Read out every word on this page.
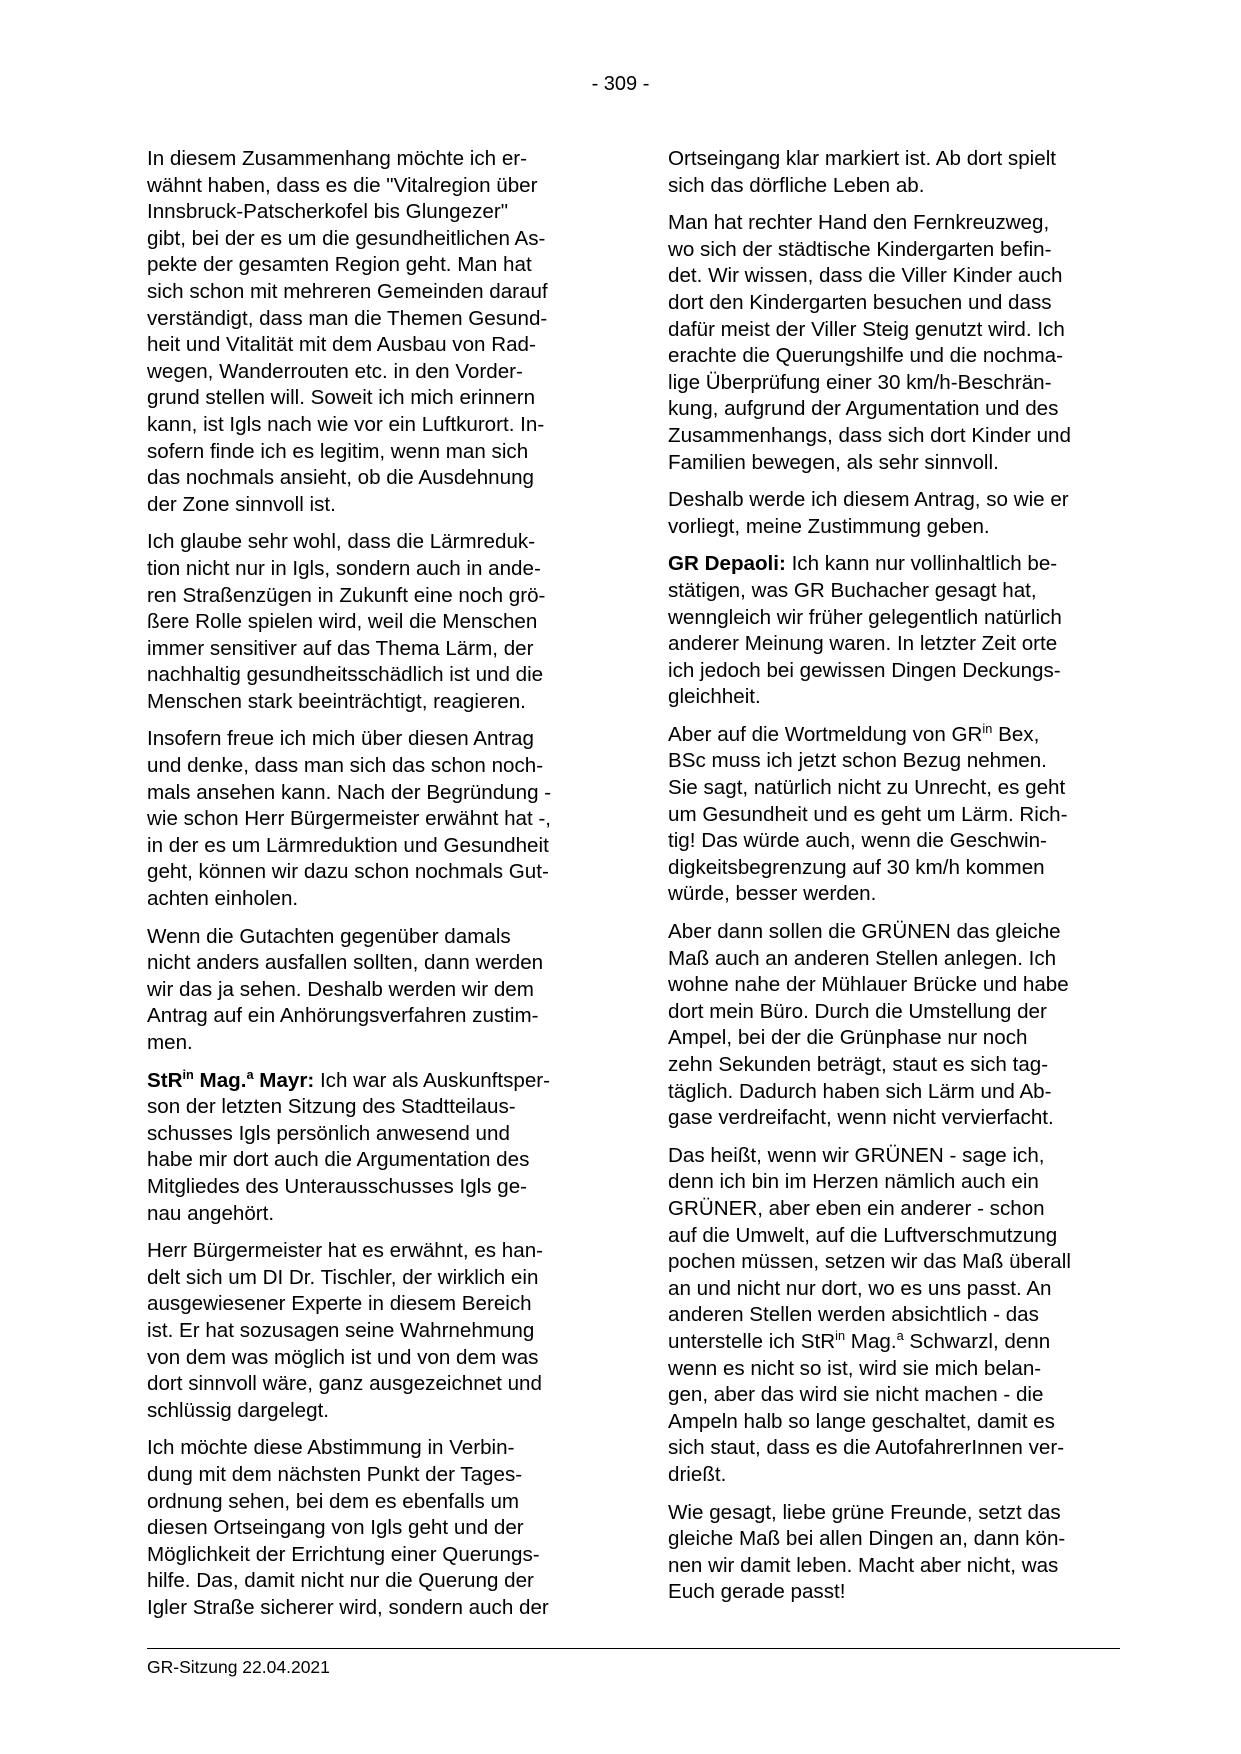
- 309 -

In diesem Zusammenhang möchte ich er-
wähnt haben, dass es die "Vitalregion über
Innsbruck-Patscherkofel bis Glungezer"
gibt, bei der es um die gesundheitlichen As-
pekte der gesamten Region geht. Man hat
sich schon mit mehreren Gemeinden darauf
verständigt, dass man die Themen Gesund-
heit und Vitalität mit dem Ausbau von Rad-
wegen, Wanderrouten etc. in den Vorder-
grund stellen will. Soweit ich mich erinnern
kann, ist Igls nach wie vor ein Luftkurort. In-
sofern finde ich es legitim, wenn man sich
das nochmals ansieht, ob die Ausdehnung
der Zone sinnvoll ist.

Ich glaube sehr wohl, dass die Lärmreduk-
tion nicht nur in Igls, sondern auch in ande-
ren Straßenzügen in Zukunft eine noch grö-
ßere Rolle spielen wird, weil die Menschen
immer sensitiver auf das Thema Lärm, der
nachhaltig gesundheitsschädlich ist und die
Menschen stark beeinträchtigt, reagieren.

Insofern freue ich mich über diesen Antrag
und denke, dass man sich das schon noch-
mals ansehen kann. Nach der Begründung -
wie schon Herr Bürgermeister erwähnt hat -,
in der es um Lärmreduktion und Gesundheit
geht, können wir dazu schon nochmals Gut-
achten einholen.

Wenn die Gutachten gegenüber damals
nicht anders ausfallen sollten, dann werden
wir das ja sehen. Deshalb werden wir dem
Antrag auf ein Anhörungsverfahren zustim-
men.

StR$^{in}$ Mag.$^a$ Mayr: Ich war als Auskunftsper-
son der letzten Sitzung des Stadtteilaus-
schusses Igls persönlich anwesend und
habe mir dort auch die Argumentation des
Mitgliedes des Unterausschusses Igls ge-
nau angehört.

Herr Bürgermeister hat es erwähnt, es han-
delt sich um DI Dr. Tischler, der wirklich ein
ausgewiesener Experte in diesem Bereich
ist. Er hat sozusagen seine Wahrnehmung
von dem was möglich ist und von dem was
dort sinnvoll wäre, ganz ausgezeichnet und
schlüssig dargelegt.

Ich möchte diese Abstimmung in Verbin-
dung mit dem nächsten Punkt der Tages-
ordnung sehen, bei dem es ebenfalls um
diesen Ortseingang von Igls geht und der
Möglichkeit der Errichtung einer Querungs-
hilfe. Das, damit nicht nur die Querung der
Igler Straße sicherer wird, sondern auch der

Ortseingang klar markiert ist. Ab dort spielt
sich das dörfliche Leben ab.

Man hat rechter Hand den Fernkreuzweg,
wo sich der städtische Kindergarten befin-
det. Wir wissen, dass die Viller Kinder auch
dort den Kindergarten besuchen und dass
dafür meist der Viller Steig genutzt wird. Ich
erachte die Querungshilfe und die nochma-
lige Überprüfung einer 30 km/h-Beschrän-
kung, aufgrund der Argumentation und des
Zusammenhangs, dass sich dort Kinder und
Familien bewegen, als sehr sinnvoll.

Deshalb werde ich diesem Antrag, so wie er
vorliegt, meine Zustimmung geben.

GR Depaoli: Ich kann nur vollinhaltlich be-
stätigen, was GR Buchacher gesagt hat,
wenngleich wir früher gelegentlich natürlich
anderer Meinung waren. In letzter Zeit orte
ich jedoch bei gewissen Dingen Deckungs-
gleichheit.

Aber auf die Wortmeldung von $GR^{in}$ Bex,
BSc muss ich jetzt schon Bezug nehmen.
Sie sagt, natürlich nicht zu Unrecht, es geht
um Gesundheit und es geht um Lärm. Rich-
tig! Das würde auch, wenn die Geschwin-
digkeitsbegrenzung auf 30 km/h kommen
würde, besser werden.

Aber dann sollen die GRÜNEN das gleiche
Maß auch an anderen Stellen anlegen. Ich
wohne nahe der Mühlauer Brücke und habe
dort mein Büro. Durch die Umstellung der
Ampel, bei der die Grünphase nur noch
zehn Sekunden beträgt, staut es sich tag-
täglich. Dadurch haben sich Lärm und Ab-
gase verdreifacht, wenn nicht vervierfacht.

Das heißt, wenn wir GRÜNEN - sage ich,
denn ich bin im Herzen nämlich auch ein
GRÜNER, aber eben ein anderer - schon
auf die Umwelt, auf die Luftverschmutzung
pochen müssen, setzen wir das Maß überall
an und nicht nur dort, wo es uns passt. An
anderen Stellen werden absichtlich - das
unterstelle ich StR$^{in}$ Mag.$^a$ Schwarzl, denn
wenn es nicht so ist, wird sie mich belan-
gen, aber das wird sie nicht machen - die
Ampeln halb so lange geschaltet, damit es
sich staut, dass es die AutofahrerInnen ver-
drießt.

Wie gesagt, liebe grüne Freunde, setzt das
gleiche Maß bei allen Dingen an, dann kön-
nen wir damit leben. Macht aber nicht, was
Euch gerade passt!

GR-Sitzung 22.04.2021
